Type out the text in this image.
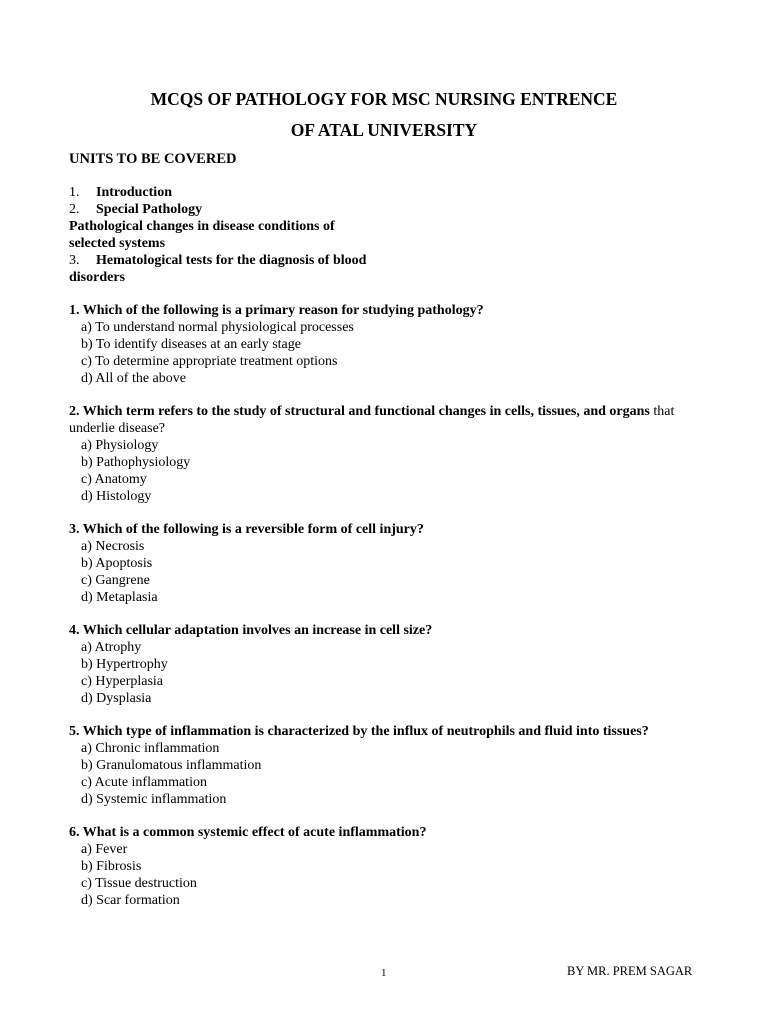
MCQS OF PATHOLOGY FOR MSC NURSING ENTRENCE
OF ATAL UNIVERSITY
UNITS TO BE COVERED
1. Introduction
2. Special Pathology
Pathological changes in disease conditions of
selected systems
3. Hematological tests for the diagnosis of blood
disorders
1. Which of the following is a primary reason for studying pathology?
a) To understand normal physiological processes
b) To identify diseases at an early stage
c) To determine appropriate treatment options
d) All of the above
2. Which term refers to the study of structural and functional changes in cells, tissues, and organs that underlie disease?
a) Physiology
b) Pathophysiology
c) Anatomy
d) Histology
3. Which of the following is a reversible form of cell injury?
a) Necrosis
b) Apoptosis
c) Gangrene
d) Metaplasia
4. Which cellular adaptation involves an increase in cell size?
a) Atrophy
b) Hypertrophy
c) Hyperplasia
d) Dysplasia
5. Which type of inflammation is characterized by the influx of neutrophils and fluid into tissues?
a) Chronic inflammation
b) Granulomatous inflammation
c) Acute inflammation
d) Systemic inflammation
6. What is a common systemic effect of acute inflammation?
a) Fever
b) Fibrosis
c) Tissue destruction
d) Scar formation
1	BY MR. PREM SAGAR
